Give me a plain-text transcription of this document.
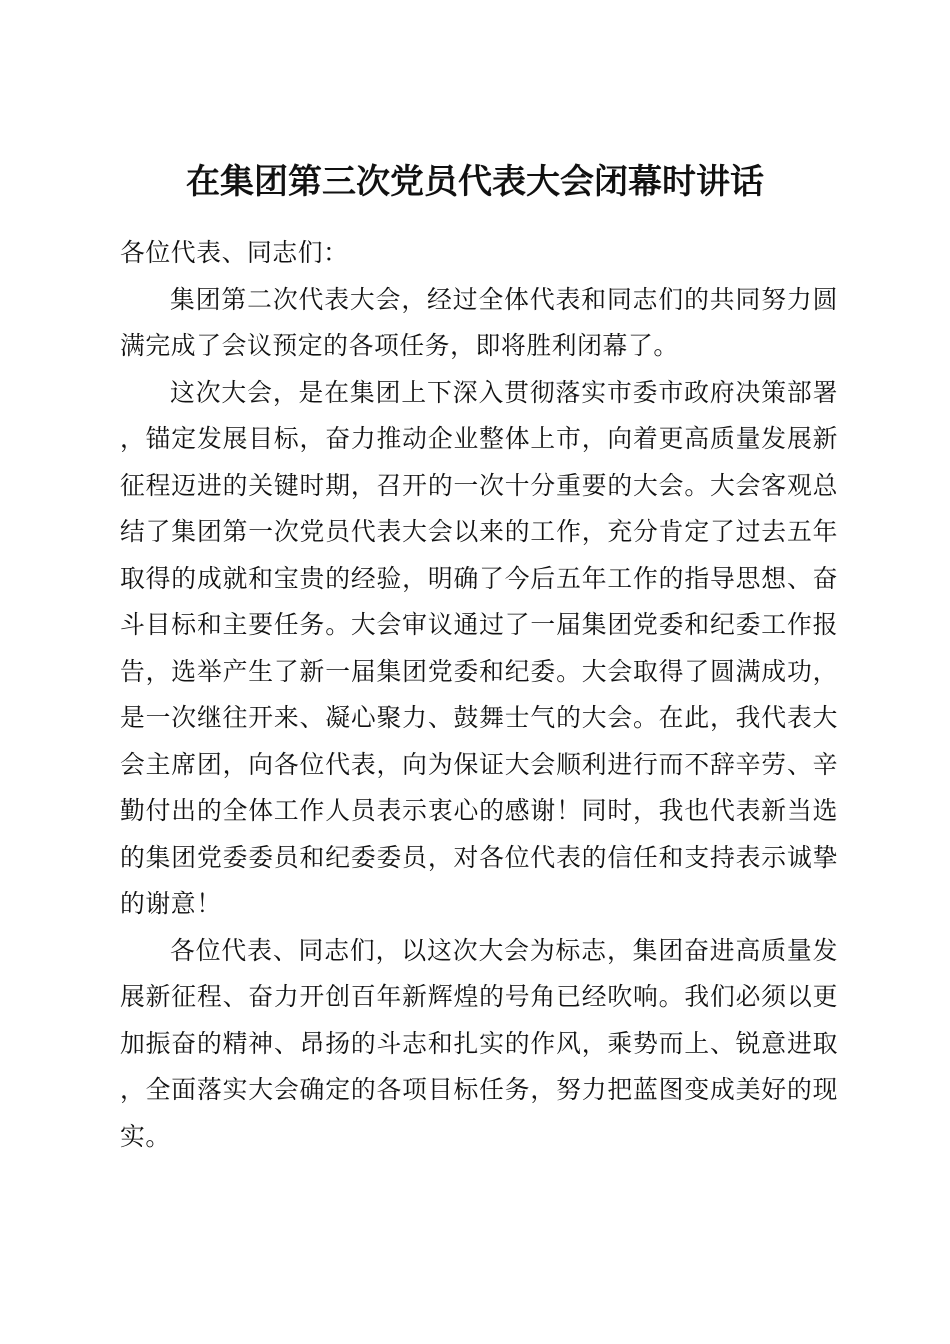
在集团第三次党员代表大会闭幕时讲话

各位代表、同志们：

集团第二次代表大会，经过全体代表和同志们的共同努力圆满完成了会议预定的各项任务，即将胜利闭幕了。

这次大会，是在集团上下深入贯彻落实市委市政府决策部署，锚定发展目标，奋力推动企业整体上市，向着更高质量发展新征程迈进的关键时期，召开的一次十分重要的大会。大会客观总结了集团第一次党员代表大会以来的工作，充分肯定了过去五年取得的成就和宝贵的经验，明确了今后五年工作的指导思想、奋斗目标和主要任务。大会审议通过了一届集团党委和纪委工作报告，选举产生了新一届集团党委和纪委。大会取得了圆满成功，是一次继往开来、凝心聚力、鼓舞士气的大会。在此，我代表大会主席团，向各位代表，向为保证大会顺利进行而不辞辛劳、辛勤付出的全体工作人员表示衷心的感谢！同时，我也代表新当选的集团党委委员和纪委委员，对各位代表的信任和支持表示诚挚的谢意！

各位代表、同志们，以这次大会为标志，集团奋进高质量发展新征程、奋力开创百年新辉煌的号角已经吹响。我们必须以更加振奋的精神、昂扬的斗志和扎实的作风，乘势而上、锐意进取，全面落实大会确定的各项目标任务，努力把蓝图变成美好的现实。
